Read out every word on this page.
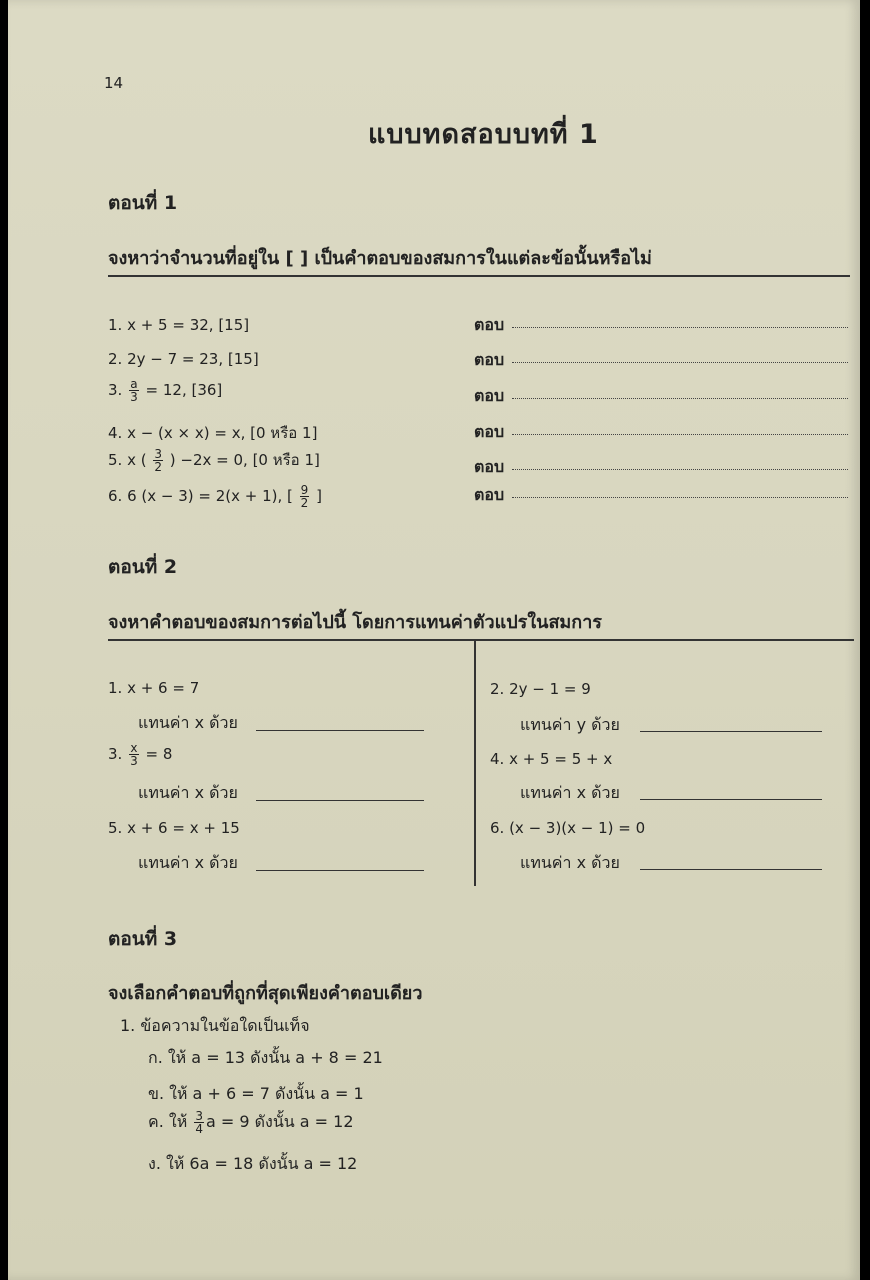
14
แบบทดสอบบทที่ 1
ตอนที่ 1
จงหาว่าจำนวนที่อยู่ใน [ ] เป็นคำตอบของสมการในแต่ละข้อนั้นหรือไม่
1. x + 5 = 32, [15]
2. 2y − 7 = 23, [15]
3. $\frac{a}{3} = 12$, [36]
4. x − (x × x) = x, [0 หรือ 1]
5. x ( $\frac{3}{2}$ ) −2x = 0, [0 หรือ 1]
6. 6 (x − 3) = 2(x + 1), [ $\frac{9}{2}$ ]
ตอบ
ตอบ
ตอบ
ตอบ
ตอบ
ตอบ
ตอนที่ 2
จงหาคำตอบของสมการต่อไปนี้ โดยการแทนค่าตัวแปรในสมการ
1. x + 6 = 7
แทนค่า x ด้วย
3. $\frac{x}{3} = 8$
แทนค่า x ด้วย
5. x + 6 = x + 15
แทนค่า x ด้วย
2. 2y − 1 = 9
แทนค่า y ด้วย
4. x + 5 = 5 + x
แทนค่า x ด้วย
6. (x − 3)(x − 1) = 0
แทนค่า x ด้วย
ตอนที่ 3
จงเลือกคำตอบที่ถูกที่สุดเพียงคำตอบเดียว
1. ข้อความในข้อใดเป็นเท็จ
ก. ให้ a = 13 ดังนั้น a + 8 = 21
ข. ให้ a + 6 = 7 ดังนั้น a = 1
ค. ให้ $\frac{3}{4}$ a = 9 ดังนั้น a = 12
ง. ให้ 6a = 18 ดังนั้น a = 12
